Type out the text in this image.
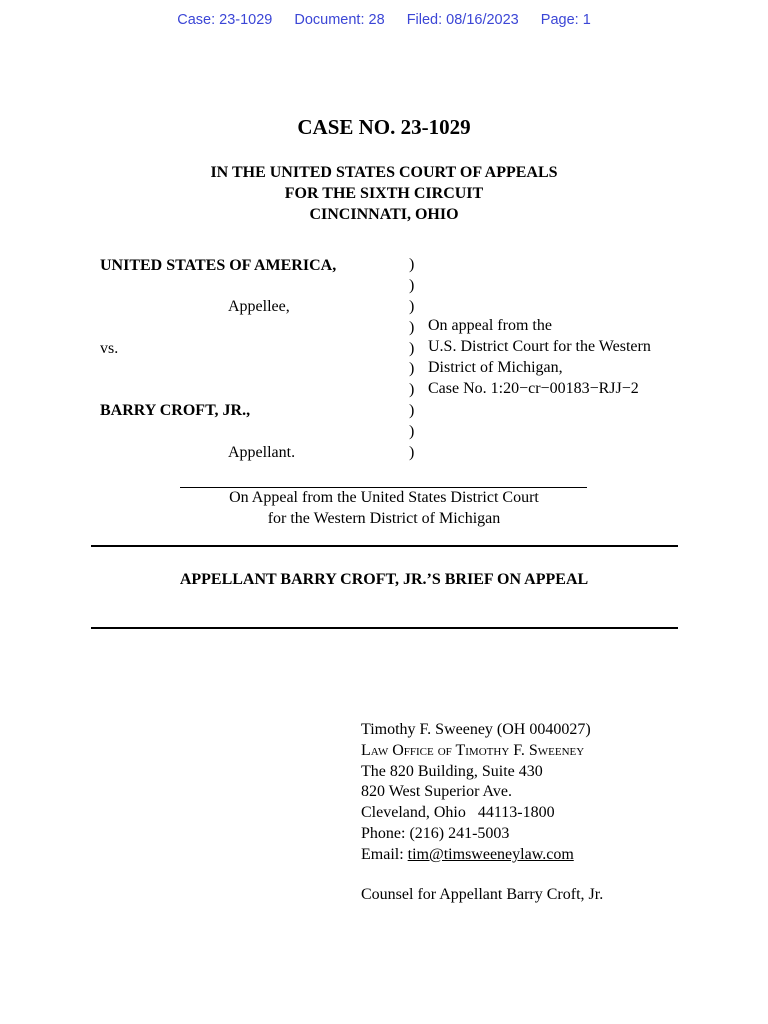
Case: 23-1029 Document: 28 Filed: 08/16/2023 Page: 1
CASE NO. 23-1029
IN THE UNITED STATES COURT OF APPEALS
FOR THE SIXTH CIRCUIT
CINCINNATI, OHIO
UNITED STATES OF AMERICA,
Appellee,
vs.
BARRY CROFT, JR.,
Appellant.
)
)
)
)
)
)
)
)
)
)
On appeal from the
U.S. District Court for the Western
District of Michigan,
Case No. 1:20−cr−00183−RJJ−2
On Appeal from the United States District Court
for the Western District of Michigan
APPELLANT BARRY CROFT, JR.’S BRIEF ON APPEAL
Timothy F. Sweeney (OH 0040027)
Law Office of Timothy F. Sweeney
The 820 Building, Suite 430
820 West Superior Ave.
Cleveland, Ohio   44113-1800
Phone: (216) 241-5003
Email: tim@timsweeneylaw.com
Counsel for Appellant Barry Croft, Jr.
